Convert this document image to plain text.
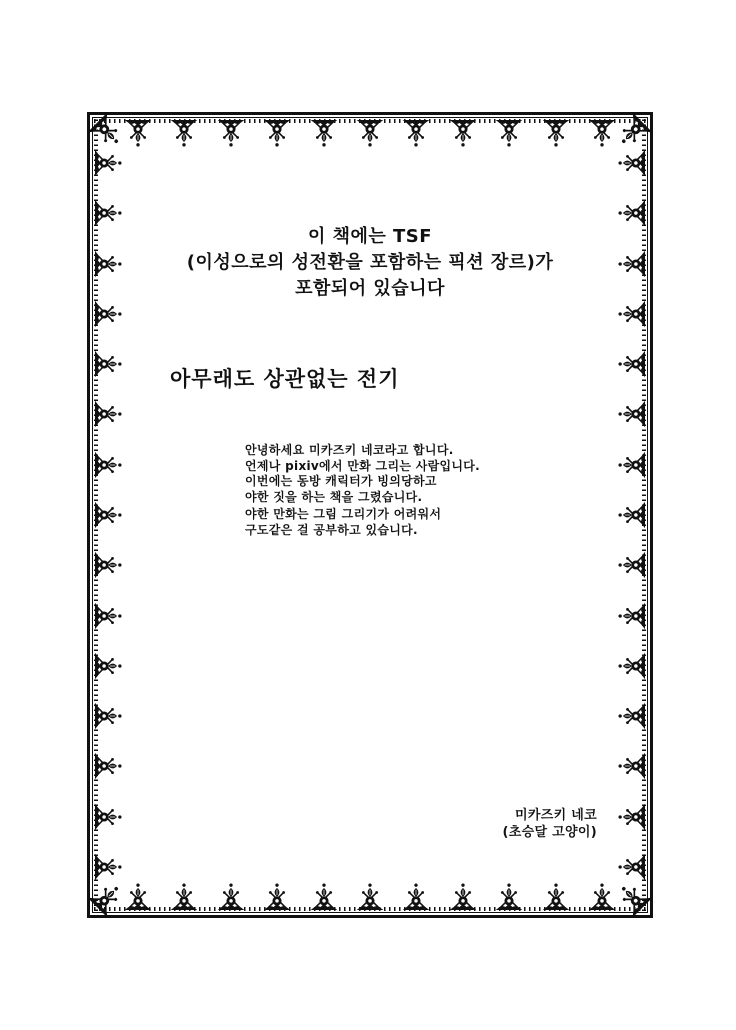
이 책에는 TSF
(이성으로의 성전환을 포함하는 픽션 장르)가
포함되어 있습니다
아무래도 상관없는 전기
안녕하세요 미카즈키 네코라고 합니다.
언제나 pixiv에서 만화 그리는 사람입니다.
이번에는 동방 캐릭터가 빙의당하고
야한 짓을 하는 책을 그렸습니다.
야한 만화는 그림 그리기가 어려워서
구도같은 걸 공부하고 있습니다.
미카즈키 네코
(초승달 고양이)
